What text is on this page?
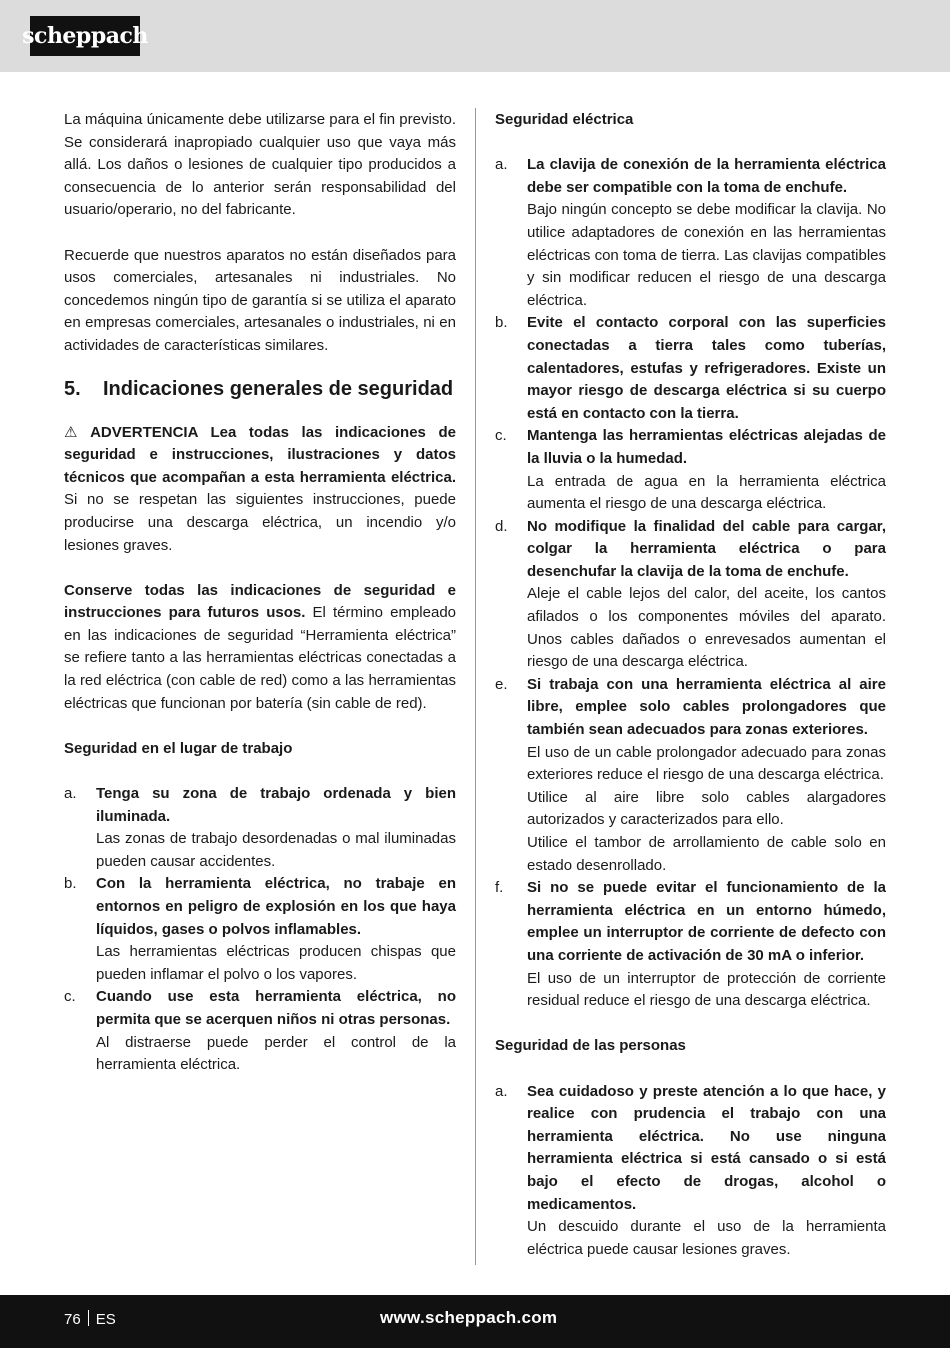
scheppach

La máquina únicamente debe utilizarse para el fin previsto. Se considerará inapropiado cualquier uso que vaya más allá. Los daños o lesiones de cualquier tipo producidos a consecuencia de lo anterior serán responsabilidad del usuario/operario, no del fabricante.

Recuerde que nuestros aparatos no están diseñados para usos comerciales, artesanales ni industriales. No concedemos ningún tipo de garantía si se utiliza el aparato en empresas comerciales, artesanales o industriales, ni en actividades de características similares.

5. Indicaciones generales de seguridad

⚠ ADVERTENCIA Lea todas las indicaciones de seguridad e instrucciones, ilustraciones y datos técnicos que acompañan a esta herramienta eléctrica. Si no se respetan las siguientes instrucciones, puede producirse una descarga eléctrica, un incendio y/o lesiones graves.

Conserve todas las indicaciones de seguridad e instrucciones para futuros usos. El término empleado en las indicaciones de seguridad “Herramienta eléctrica” se refiere tanto a las herramientas eléctricas conectadas a la red eléctrica (con cable de red) como a las herramientas eléctricas que funcionan por batería (sin cable de red).

Seguridad en el lugar de trabajo

a. Tenga su zona de trabajo ordenada y bien iluminada.

Las zonas de trabajo desordenadas o mal iluminadas pueden causar accidentes.

b. Con la herramienta eléctrica, no trabaje en entornos en peligro de explosión en los que haya líquidos, gases o polvos inflamables.

Las herramientas eléctricas producen chispas que pueden inflamar el polvo o los vapores.

c. Cuando use esta herramienta eléctrica, no permita que se acerquen niños ni otras personas.

Al distraerse puede perder el control de la herramienta eléctrica.

Seguridad eléctrica

a. La clavija de conexión de la herramienta eléctrica debe ser compatible con la toma de enchufe.

Bajo ningún concepto se debe modificar la clavija. No utilice adaptadores de conexión en las herramientas eléctricas con toma de tierra. Las clavijas compatibles y sin modificar reducen el riesgo de una descarga eléctrica.

b. Evite el contacto corporal con las superficies conectadas a tierra tales como tuberías, calentadores, estufas y refrigeradores. Existe un mayor riesgo de descarga eléctrica si su cuerpo está en contacto con la tierra.

c. Mantenga las herramientas eléctricas alejadas de la lluvia o la humedad.

La entrada de agua en la herramienta eléctrica aumenta el riesgo de una descarga eléctrica.

d. No modifique la finalidad del cable para cargar, colgar la herramienta eléctrica o para desenchufar la clavija de la toma de enchufe.

Aleje el cable lejos del calor, del aceite, los cantos afilados o los componentes móviles del aparato. Unos cables dañados o enrevesados aumentan el riesgo de una descarga eléctrica.

e. Si trabaja con una herramienta eléctrica al aire libre, emplee solo cables prolongadores que también sean adecuados para zonas exteriores.

El uso de un cable prolongador adecuado para zonas exteriores reduce el riesgo de una descarga eléctrica.

Utilice al aire libre solo cables alargadores autorizados y caracterizados para ello.

Utilice el tambor de arrollamiento de cable solo en estado desenrollado.

f. Si no se puede evitar el funcionamiento de la herramienta eléctrica en un entorno húmedo, emplee un interruptor de corriente de defecto con una corriente de activación de 30 mA o inferior.

El uso de un interruptor de protección de corriente residual reduce el riesgo de una descarga eléctrica.

Seguridad de las personas

a. Sea cuidadoso y preste atención a lo que hace, y realice con prudencia el trabajo con una herramienta eléctrica. No use ninguna herramienta eléctrica si está cansado o si está bajo el efecto de drogas, alcohol o medicamentos.

Un descuido durante el uso de la herramienta eléctrica puede causar lesiones graves.

76 ES	www.scheppach.com
